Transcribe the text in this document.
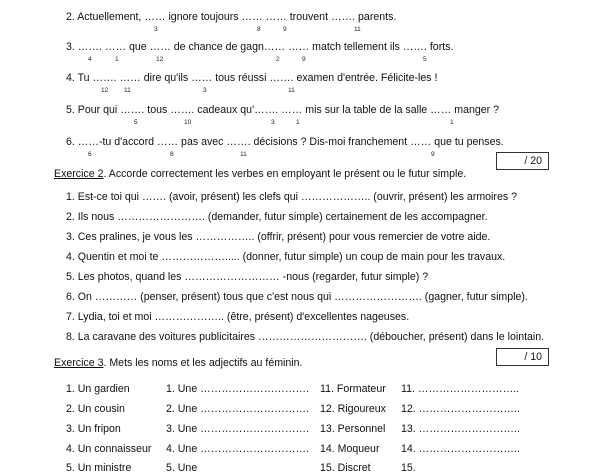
2. Actuellement, …… ignore toujours …… …… trouvent ……. parents.
3	8	9	11
3. ……. …… que …… de chance de gagn…… …… match tellement ils ……. forts.
4	1	12	2	9	5
4. Tu ……. …… dire qu'ils …… tous réussi ……. examen d'entrée. Félicite-les !
12 11	3	11
5. Pour qui ……. tous ……. cadeaux qu'……. …… mis sur la table de la salle …… manger ?
5	10	3	1	1
6. ……-tu d'accord …… pas avec ……. décisions ? Dis-moi franchement …… que tu penses.
6	8	11	9
/ 20
Exercice 2. Accorde correctement les verbes en employant le présent ou le futur simple.
1. Est-ce toi qui ……. (avoir, présent) les clefs qui ……………….. (ouvrir, présent) les armoires ?
2. Ils nous ……………………. (demander, futur simple) certainement de les accompagner.
3. Ces pralines, je vous les …………….. (offrir, présent) pour vous remercier de votre aide.
4. Quentin et moi te ………………..... (donner, futur simple) un coup de main pour les travaux.
5. Les photos, quand les ……………………… -nous (regarder, futur simple) ?
6. On ………… (penser, présent) tous que c'est nous qui ……………………. (gagner, futur simple).
7. Lydia, toi et moi ……………….. (être, présent) d'excellentes nageuses.
8. La caravane des voitures publicitaires …………………………. (déboucher, présent) dans le lointain.
/ 10
Exercice 3. Mets les noms et les adjectifs au féminin.
1. Un gardien	1. Une …………………………. 11. Formateur 11. ………………………..
2. Un cousin	2. Une …………………………. 12. Rigoureux 12. ………………………..
3. Un fripon	3. Une …………………………. 13. Personnel 13. ………………………..
4. Un connaisseur 4. Une …………………………. 14. Moqueur 14. ………………………..
5. Un ministre	5. Une	15. Discret	15.
